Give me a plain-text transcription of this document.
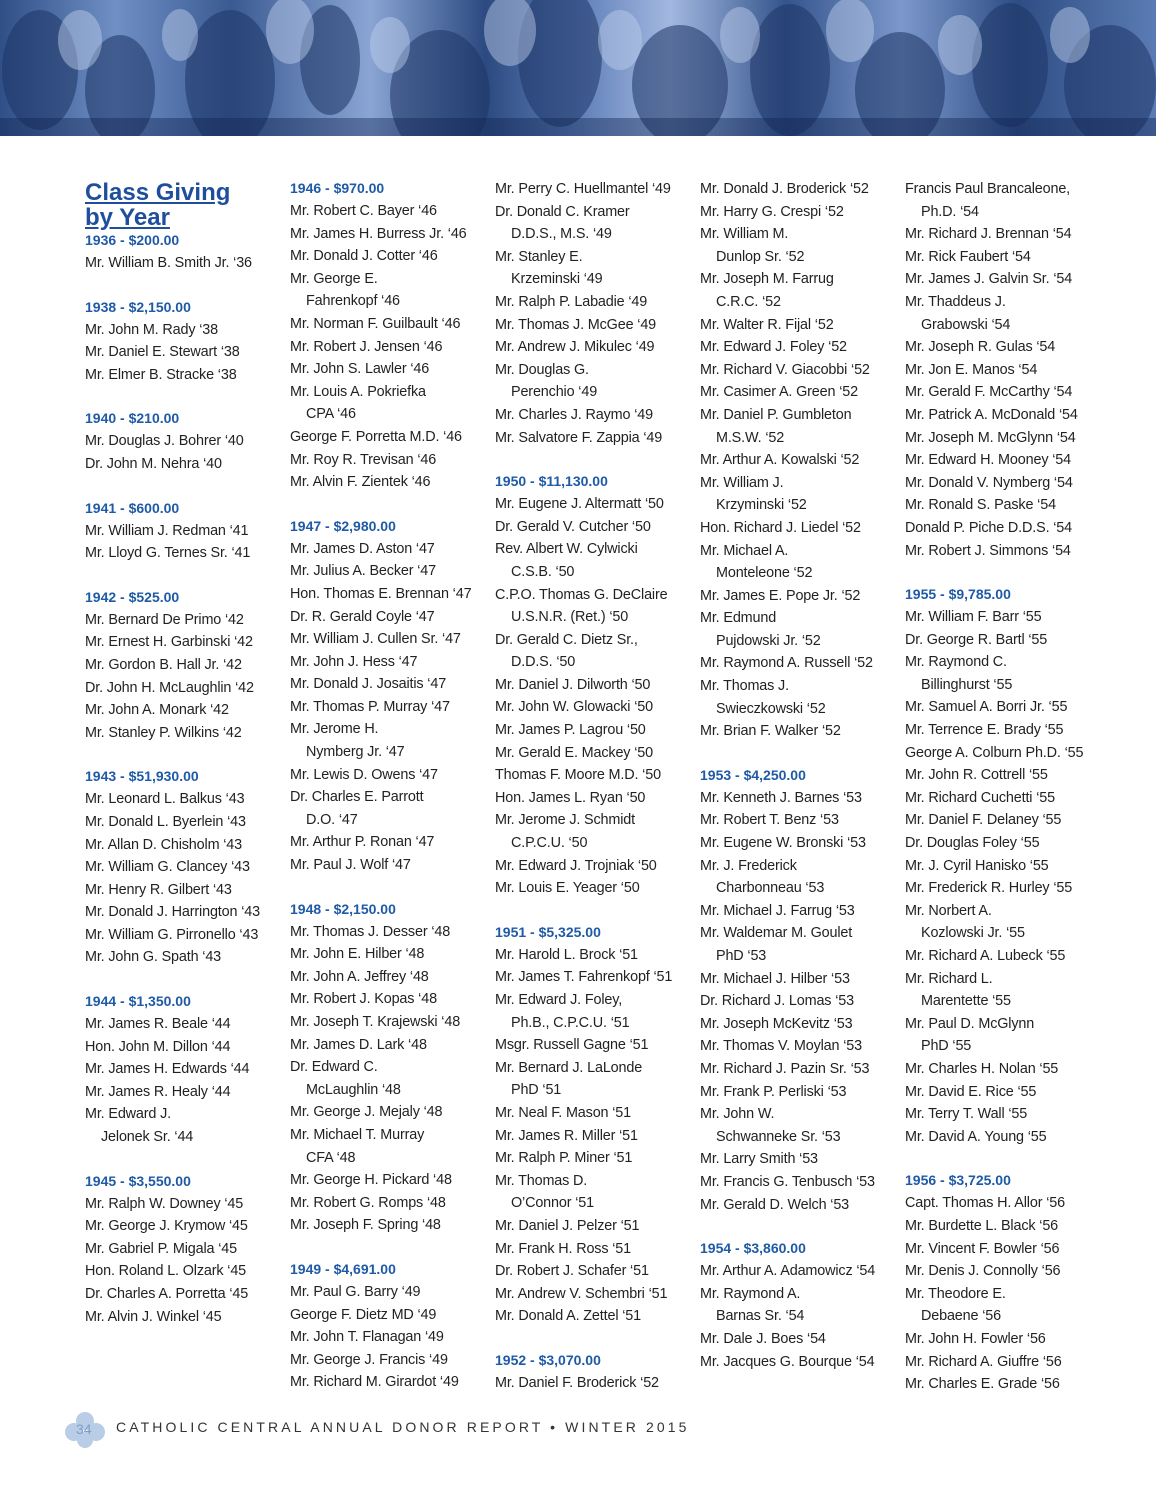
Class Giving
by Year
1936 - $200.00
Mr. William B. Smith Jr. ‘36
1938 - $2,150.00
Mr. John M. Rady ‘38
Mr. Daniel E. Stewart ‘38
Mr. Elmer B. Stracke ‘38
1940 - $210.00
Mr. Douglas J. Bohrer ‘40
Dr. John M. Nehra ‘40
1941 - $600.00
Mr. William J. Redman ‘41
Mr. Lloyd G. Ternes Sr. ‘41
1942 - $525.00
Mr. Bernard De Primo ‘42
Mr. Ernest H. Garbinski ‘42
Mr. Gordon B. Hall Jr. ‘42
Dr. John H. McLaughlin ‘42
Mr. John A. Monark ‘42
Mr. Stanley P. Wilkins ‘42
1943 - $51,930.00
Mr. Leonard L. Balkus ‘43
Mr. Donald L. Byerlein ‘43
Mr. Allan D. Chisholm ‘43
Mr. William G. Clancey ‘43
Mr. Henry R. Gilbert ‘43
Mr. Donald J. Harrington ‘43
Mr. William G. Pirronello ‘43
Mr. John G. Spath ‘43
1944 - $1,350.00
Mr. James R. Beale ‘44
Hon. John M. Dillon ‘44
Mr. James H. Edwards ‘44
Mr. James R. Healy ‘44
Mr. Edward J.
Jelonek Sr. ‘44
1945 - $3,550.00
Mr. Ralph W. Downey ‘45
Mr. George J. Krymow ‘45
Mr. Gabriel P. Migala ‘45
Hon. Roland L. Olzark ‘45
Dr. Charles A. Porretta ‘45
Mr. Alvin J. Winkel ‘45
1946 - $970.00
Mr. Robert C. Bayer ‘46
Mr. James H. Burress Jr. ‘46
Mr. Donald J. Cotter ‘46
Mr. George E.
Fahrenkopf ‘46
Mr. Norman F. Guilbault ‘46
Mr. Robert J. Jensen ‘46
Mr. John S. Lawler ‘46
Mr. Louis A. Pokriefka
CPA ‘46
George F. Porretta M.D. ‘46
Mr. Roy R. Trevisan ‘46
Mr. Alvin F. Zientek ‘46
1947 - $2,980.00
Mr. James D. Aston ‘47
Mr. Julius A. Becker ‘47
Hon. Thomas E. Brennan ‘47
Dr. R. Gerald Coyle ‘47
Mr. William J. Cullen Sr. ‘47
Mr. John J. Hess ‘47
Mr. Donald J. Josaitis ‘47
Mr. Thomas P. Murray ‘47
Mr. Jerome H.
Nymberg Jr. ‘47
Mr. Lewis D. Owens ‘47
Dr. Charles E. Parrott
D.O. ‘47
Mr. Arthur P. Ronan ‘47
Mr. Paul J. Wolf ‘47
1948 - $2,150.00
Mr. Thomas J. Desser ‘48
Mr. John E. Hilber ‘48
Mr. John A. Jeffrey ‘48
Mr. Robert J. Kopas ‘48
Mr. Joseph T. Krajewski ‘48
Mr. James D. Lark ‘48
Dr. Edward C.
McLaughlin ‘48
Mr. George J. Mejaly ‘48
Mr. Michael T. Murray
CFA ‘48
Mr. George H. Pickard ‘48
Mr. Robert G. Romps ‘48
Mr. Joseph F. Spring ‘48
1949 - $4,691.00
Mr. Paul G. Barry ‘49
George F. Dietz MD ‘49
Mr. John T. Flanagan ‘49
Mr. George J. Francis ‘49
Mr. Richard M. Girardot ‘49
Mr. Perry C. Huellmantel ‘49
Dr. Donald C. Kramer
D.D.S., M.S. ‘49
Mr. Stanley E.
Krzeminski ‘49
Mr. Ralph P. Labadie ‘49
Mr. Thomas J. McGee ‘49
Mr. Andrew J. Mikulec ‘49
Mr. Douglas G.
Perenchio ‘49
Mr. Charles J. Raymo ‘49
Mr. Salvatore F. Zappia ‘49
1950 - $11,130.00
Mr. Eugene J. Altermatt ‘50
Dr. Gerald V. Cutcher ‘50
Rev. Albert W. Cylwicki
C.S.B. ‘50
C.P.O. Thomas G. DeClaire
U.S.N.R. (Ret.) ‘50
Dr. Gerald C. Dietz Sr.,
D.D.S. ‘50
Mr. Daniel J. Dilworth ‘50
Mr. John W. Glowacki ‘50
Mr. James P. Lagrou ‘50
Mr. Gerald E. Mackey ‘50
Thomas F. Moore M.D. ‘50
Hon. James L. Ryan ‘50
Mr. Jerome J. Schmidt
C.P.C.U. ‘50
Mr. Edward J. Trojniak ‘50
Mr. Louis E. Yeager ‘50
1951 - $5,325.00
Mr. Harold L. Brock ‘51
Mr. James T. Fahrenkopf ‘51
Mr. Edward J. Foley,
Ph.B., C.P.C.U. ‘51
Msgr. Russell Gagne ‘51
Mr. Bernard J. LaLonde
PhD ‘51
Mr. Neal F. Mason ‘51
Mr. James R. Miller ‘51
Mr. Ralph P. Miner ‘51
Mr. Thomas D.
O’Connor ‘51
Mr. Daniel J. Pelzer ‘51
Mr. Frank H. Ross ‘51
Dr. Robert J. Schafer ‘51
Mr. Andrew V. Schembri ‘51
Mr. Donald A. Zettel ‘51
1952 - $3,070.00
Mr. Daniel F. Broderick ‘52
Mr. Donald J. Broderick ‘52
Mr. Harry G. Crespi ‘52
Mr. William M.
Dunlop Sr. ‘52
Mr. Joseph M. Farrug
C.R.C. ‘52
Mr. Walter R. Fijal ‘52
Mr. Edward J. Foley ‘52
Mr. Richard V. Giacobbi ‘52
Mr. Casimer A. Green ‘52
Mr. Daniel P. Gumbleton
M.S.W. ‘52
Mr. Arthur A. Kowalski ‘52
Mr. William J.
Krzyminski ‘52
Hon. Richard J. Liedel ‘52
Mr. Michael A.
Monteleone ‘52
Mr. James E. Pope Jr. ‘52
Mr. Edmund
Pujdowski Jr. ‘52
Mr. Raymond A. Russell ‘52
Mr. Thomas J.
Swieczkowski ‘52
Mr. Brian F. Walker ‘52
1953 - $4,250.00
Mr. Kenneth J. Barnes ‘53
Mr. Robert T. Benz ‘53
Mr. Eugene W. Bronski ‘53
Mr. J. Frederick
Charbonneau ‘53
Mr. Michael J. Farrug ‘53
Mr. Waldemar M. Goulet
PhD ‘53
Mr. Michael J. Hilber ‘53
Dr. Richard J. Lomas ‘53
Mr. Joseph McKevitz ‘53
Mr. Thomas V. Moylan ‘53
Mr. Richard J. Pazin Sr. ‘53
Mr. Frank P. Perliski ‘53
Mr. John W.
Schwanneke Sr. ‘53
Mr. Larry Smith ‘53
Mr. Francis G. Tenbusch ‘53
Mr. Gerald D. Welch ‘53
1954 - $3,860.00
Mr. Arthur A. Adamowicz ‘54
Mr. Raymond A.
Barnas Sr. ‘54
Mr. Dale J. Boes ‘54
Mr. Jacques G. Bourque ‘54
Francis Paul Brancaleone,
Ph.D. ‘54
Mr. Richard J. Brennan ‘54
Mr. Rick Faubert ‘54
Mr. James J. Galvin Sr. ‘54
Mr. Thaddeus J.
Grabowski ‘54
Mr. Joseph R. Gulas ‘54
Mr. Jon E. Manos ‘54
Mr. Gerald F. McCarthy ‘54
Mr. Patrick A. McDonald ‘54
Mr. Joseph M. McGlynn ‘54
Mr. Edward H. Mooney ‘54
Mr. Donald V. Nymberg ‘54
Mr. Ronald S. Paske ‘54
Donald P. Piche D.D.S. ‘54
Mr. Robert J. Simmons ‘54
1955 - $9,785.00
Mr. William F. Barr ‘55
Dr. George R. Bartl ‘55
Mr. Raymond C.
Billinghurst ‘55
Mr. Samuel A. Borri Jr. ‘55
Mr. Terrence E. Brady ‘55
George A. Colburn Ph.D. ‘55
Mr. John R. Cottrell ‘55
Mr. Richard Cuchetti ‘55
Mr. Daniel F. Delaney ‘55
Dr. Douglas Foley ‘55
Mr. J. Cyril Hanisko ‘55
Mr. Frederick R. Hurley ‘55
Mr. Norbert A.
Kozlowski Jr. ‘55
Mr. Richard A. Lubeck ‘55
Mr. Richard L.
Marentette ‘55
Mr. Paul D. McGlynn
PhD ‘55
Mr. Charles H. Nolan ‘55
Mr. David E. Rice ‘55
Mr. Terry T. Wall ‘55
Mr. David A. Young ‘55
1956 - $3,725.00
Capt. Thomas H. Allor ‘56
Mr. Burdette L. Black ‘56
Mr. Vincent F. Bowler ‘56
Mr. Denis J. Connolly ‘56
Mr. Theodore E.
Debaene ‘56
Mr. John H. Fowler ‘56
Mr. Richard A. Giuffre ‘56
Mr. Charles E. Grade ‘56
34 CATHOLIC CENTRAL ANNUAL DONOR REPORT • WINTER 2015
